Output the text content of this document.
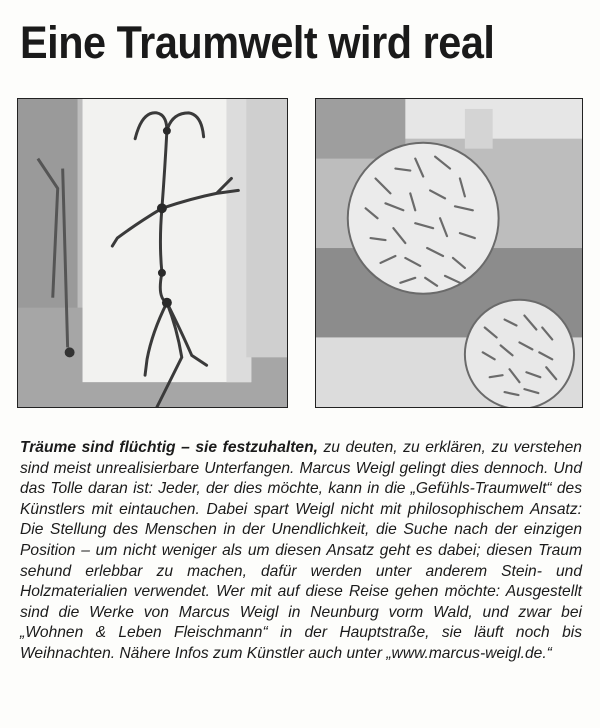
Eine Traumwelt wird real
Träume sind flüchtig – sie festzuhalten, zu deuten, zu erklären, zu verstehen sind meist unrealisierbare Unterfangen. Marcus Weigl gelingt dies dennoch. Und das Tolle daran ist: Jeder, der dies möchte, kann in die „Gefühls-Traumwelt“ des Künstlers mit eintauchen. Dabei spart Weigl nicht mit philosophischem Ansatz: Die Stellung des Menschen in der Unendlichkeit, die Suche nach der einzigen Position – um nicht weniger als um diesen Ansatz geht es dabei; diesen Traum sehund erlebbar zu machen, dafür werden unter anderem Stein- und Holzmaterialien verwendet. Wer mit auf diese Reise gehen möchte: Ausgestellt sind die Werke von Marcus Weigl in Neunburg vorm Wald, und zwar bei „Wohnen & Leben Fleischmann“ in der Hauptstraße, sie läuft noch bis Weihnachten. Nähere Infos zum Künstler auch unter „www.marcus-weigl.de.“
